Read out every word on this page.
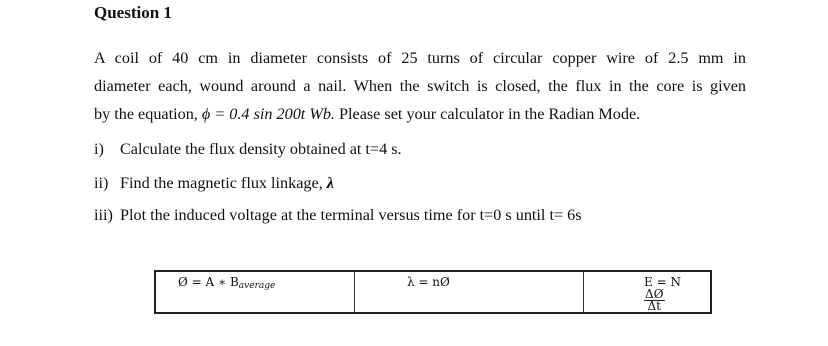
Question 1
A coil of 40 cm in diameter consists of 25 turns of circular copper wire of 2.5 mm in
diameter each, wound around a nail. When the switch is closed, the flux in the core is given
by the equation, ϕ = 0.4 sin 200t Wb. Please set your calculator in the Radian Mode.
i) Calculate the flux density obtained at t=4 s.
ii) Find the magnetic flux linkage, λ
iii) Plot the induced voltage at the terminal versus time for t=0 s until t= 6s
Ø = A ∗ Baverage	λ = nØ	E = N
$\frac{\Delta Ø}{\Delta t}$
